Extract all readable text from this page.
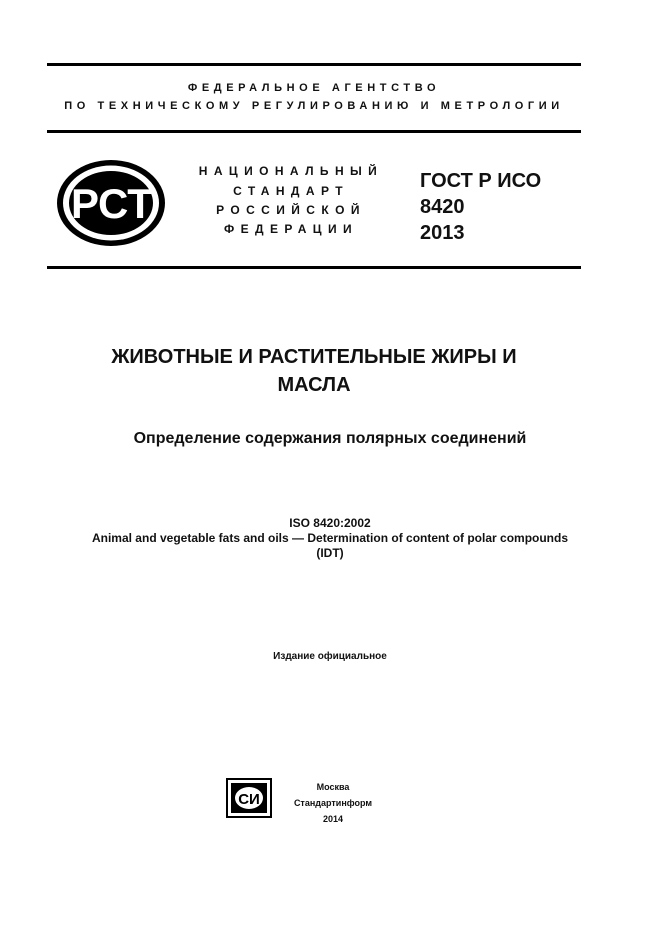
ФЕДЕРАЛЬНОЕ АГЕНТСТВО
ПО ТЕХНИЧЕСКОМУ РЕГУЛИРОВАНИЮ И МЕТРОЛОГИИ
РСТ
НАЦИОНАЛЬНЫЙ
СТАНДАРТ
РОССИЙСКОЙ
ФЕДЕРАЦИИ
ГОСТ Р ИСО
8420
2013
ЖИВОТНЫЕ И РАСТИТЕЛЬНЫЕ ЖИРЫ И
МАСЛА
Определение содержания полярных соединений
ISO 8420:2002
Animal and vegetable fats and oils — Determination of content of polar compounds
(IDT)
Издание официальное
СИ
Москва
Стандартинформ
2014
